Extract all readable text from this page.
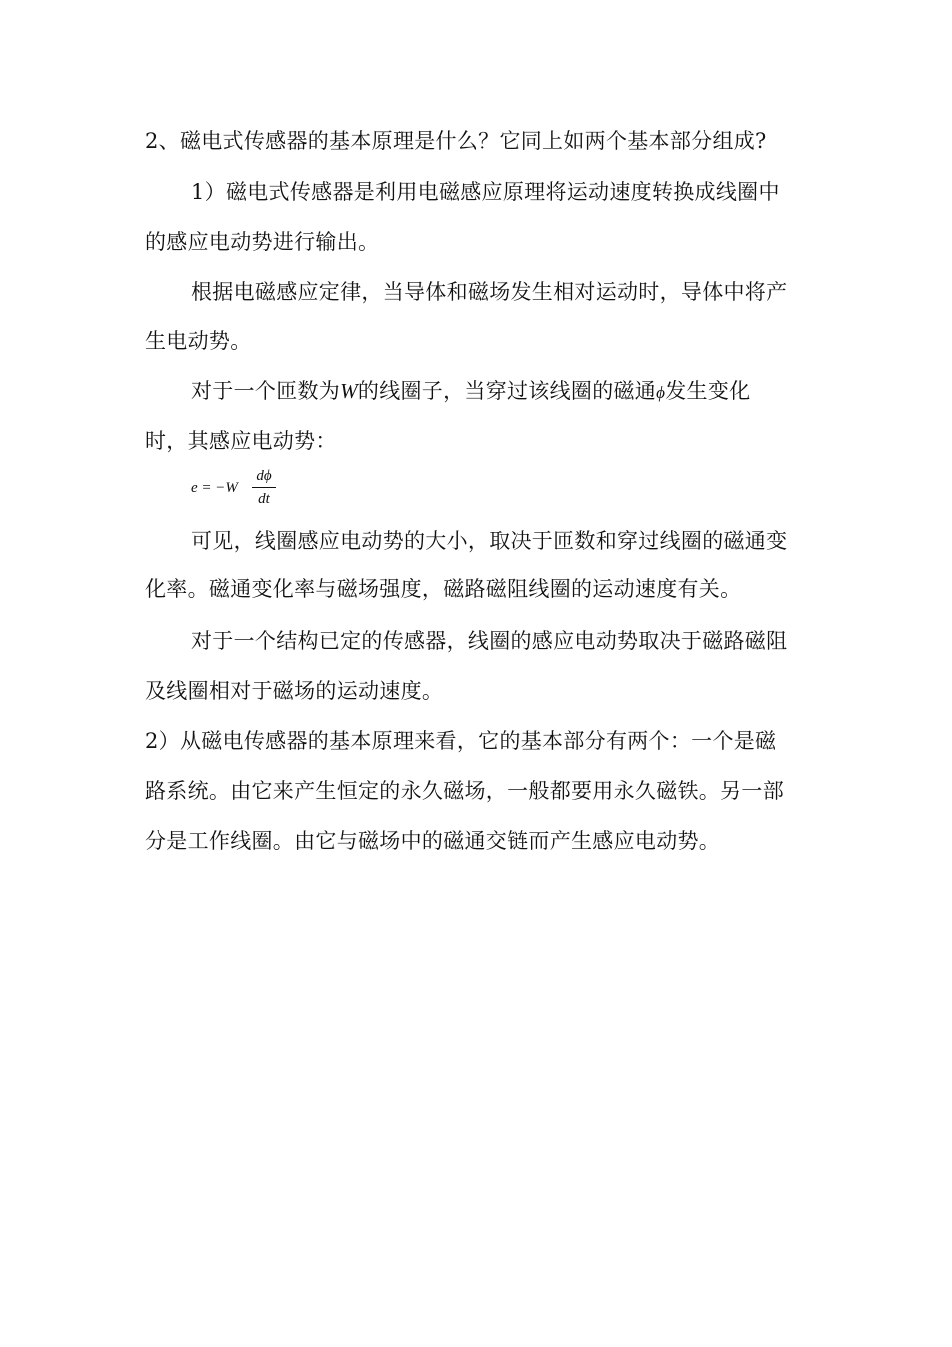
2、磁电式传感器的基本原理是什么？它同上如两个基本部分组成?
1）磁电式传感器是利用电磁感应原理将运动速度转换成线圈中
的感应电动势进行输出。
根据电磁感应定律，当导体和磁场发生相对运动时，导体中将产
生电动势。
对于一个匝数为W的线圈子，当穿过该线圈的磁通ϕ发生变化
时，其感应电动势：
e = −W
dϕ
dt
可见，线圈感应电动势的大小，取决于匝数和穿过线圈的磁通变
化率。磁通变化率与磁场强度，磁路磁阻线圈的运动速度有关。
对于一个结构已定的传感器，线圈的感应电动势取决于磁路磁阻
及线圈相对于磁场的运动速度。
2）从磁电传感器的基本原理来看，它的基本部分有两个：一个是磁
路系统。由它来产生恒定的永久磁场，一般都要用永久磁铁。另一部
分是工作线圈。由它与磁场中的磁通交链而产生感应电动势。
